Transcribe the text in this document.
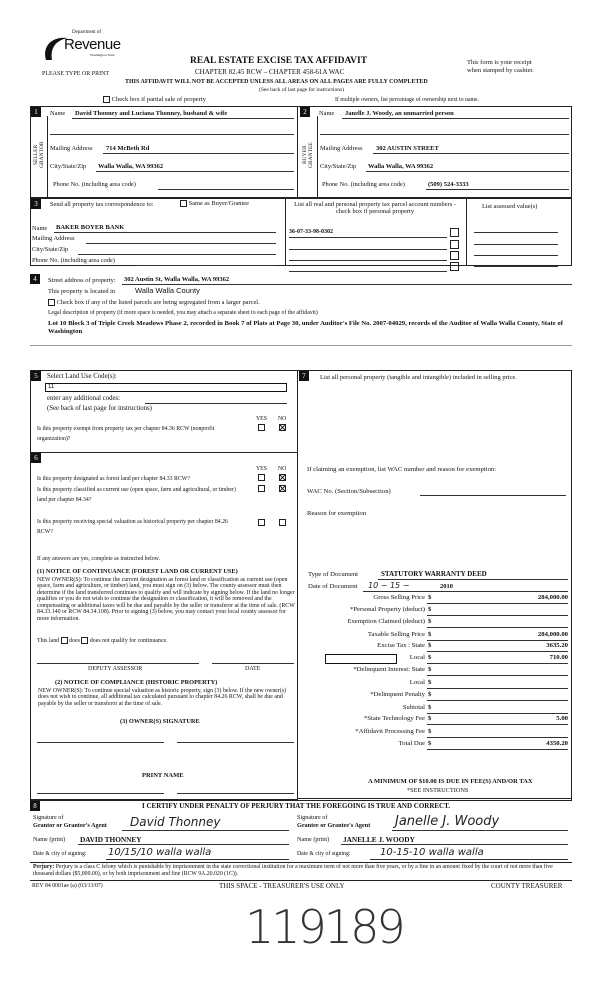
Department of
Revenue
Washington State
PLEASE TYPE OR PRINT
REAL ESTATE EXCISE TAX AFFIDAVIT
CHAPTER 82.45 RCW – CHAPTER 458-61A WAC
THIS AFFIDAVIT WILL NOT BE ACCEPTED UNLESS ALL AREAS ON ALL PAGES ARE FULLY COMPLETED
(See back of last page for instructions)
This form is your receipt
when stamped by cashier.
Check box if partial sale of property	If multiple owners, list percentage of ownership next to name.
1	2
SELLER GRANTOR	BUYER GRANTEE
Name David Thonney and Luciana Thonney, husband & wife
Mailing Address 714 McBeth Rd
City/State/Zip Walla Walla, WA 99362
Phone No. (including area code)
Name Janelle J. Woody, an unmarried person
Mailing Address 302 AUSTIN STREET
City/State/Zip Walla Walla, WA 99362
Phone No. (including area code)	(509) 524-3333
3	Send all property tax correspondence to:	Same as Buyer/Grantee
Name BAKER BOYER BANK
Mailing Address
City/State/Zip
Phone No. (including area code)
List all real and personal property tax parcel account numbers - check box if personal property
36-07-33-98-0302
List assessed value(s)
4	Street address of property: 302 Austin St, Walla Walla, WA 99362
This property is located in	Walla Walla County
Check box if any of the listed parcels are being segregated from a larger parcel.
Legal description of property (if more space is needed, you may attach a separate sheet to each page of the affidavit)
Lot 10 Block 3 of Triple Creek Meadows Phase 2, recorded in Book 7 of Plats at Page 30, under Auditor's File No. 2007-04029, records of the Auditor of Walla Walla County, State of Washington
5	Select Land Use Code(s):
11
enter any additional codes:
(See back of last page for instructions)
YES NO
Is this property exempt from property tax per chapter 84.36 RCW (nonprofit organization)?
6
YES NO
Is this property designated as forest land per chapter 84.33 RCW?
Is this property classified as current use (open space, farm and agricultural, or timber) land per chapter 84.34?
Is this property receiving special valuation as historical property per chapter 84.26 RCW?
If any answers are yes, complete as instructed below.
(1) NOTICE OF CONTINUANCE (FOREST LAND OR CURRENT USE)
NEW OWNER(S): To continue the current designation as forest land or classification as current use (open space, farm and agriculture, or timber) land, you must sign on (3) below. The county assessor must then determine if the land transferred continues to qualify and will indicate by signing below. If the land no longer qualifies or you do not wish to continue the designation or classification, it will be removed and the compensating or additional taxes will be due and payable by the seller or transferor at the time of sale. (RCW 84.33.140 or RCW 84.34.108). Prior to signing (3) below, you may contact your local county assessor for more information.
This land does does not qualify for continuance.
DEPUTY ASSESSOR	DATE
(2) NOTICE OF COMPLIANCE (HISTORIC PROPERTY)
NEW OWNER(S): To continue special valuation as historic property, sign (3) below. If the new owner(s) does not wish to continue, all additional tax calculated pursuant to chapter 84.26 RCW, shall be due and payable by the seller or transferor at the time of sale.
(3) OWNER(S) SIGNATURE
PRINT NAME
7	List all personal property (tangible and intangible) included in selling price.
If claiming an exemption, list WAC number and reason for exemption:
WAC No. (Section/Subsection)
Reason for exemption
Type of Document	STATUTORY WARRANTY DEED
Date of Document 10 − 15 −	2010
Gross Selling Price $	284,000.00
*Personal Property (deduct) $
Exemption Claimed (deduct) $
Taxable Selling Price $	284,000.00
Excise Tax : State $	3635.20
Local $	710.00
*Delinquent Interest: State $
Local $
*Delinquent Penalty $
Subtotal $
*State Technology Fee $	5.00
*Affidavit Processing Fee $
Total Due $	4350.20
A MINIMUM OF $10.00 IS DUE IN FEE(S) AND/OR TAX
*SEE INSTRUCTIONS
8	I CERTIFY UNDER PENALTY OF PERJURY THAT THE FOREGOING IS TRUE AND CORRECT.
Signature of
Grantor or Grantor's Agent David Thonney
Name (print) DAVID THONNEY
Date & city of signing: 10/15/10 walla walla
Signature of
Grantee or Grantee's Agent Janelle J. Woody
Name (print) JANELLE J. WOODY
Date & city of signing:	10-15-10 walla walla
Perjury: Perjury is a class C felony which is punishable by imprisonment in the state correctional institution for a maximum term of not more than five years, or by a fine in an amount fixed by the court of not more than five thousand dollars ($5,000.00), or by both imprisonment and fine (RCW 9A.20.020 (1C)).
REV 84 0001ae (a) (03/13/07)	THIS SPACE - TREASURER'S USE ONLY	COUNTY TREASURER
119189
